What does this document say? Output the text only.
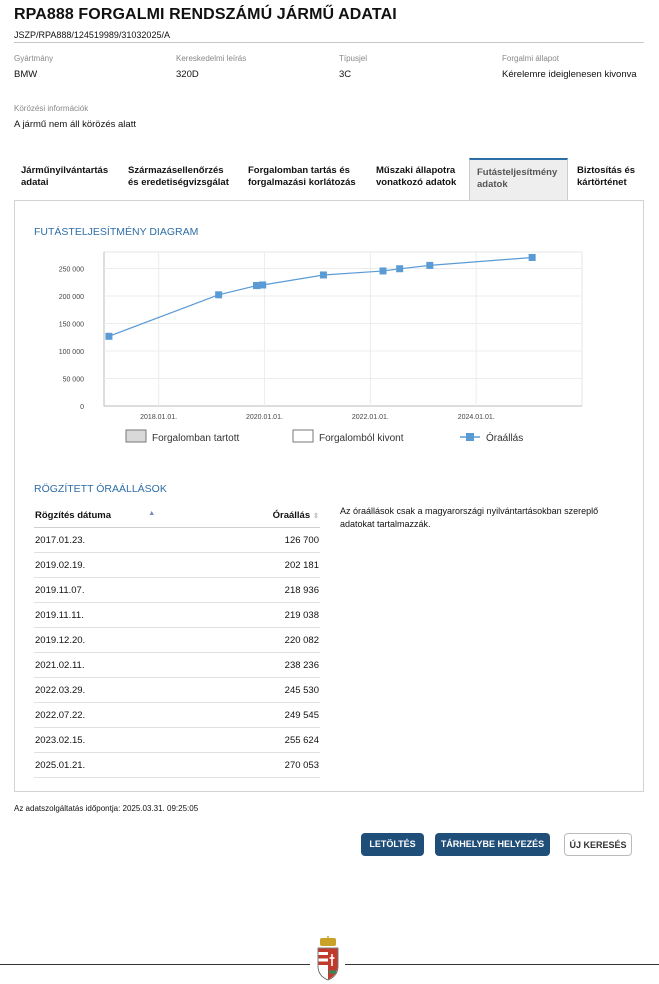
RPA888 FORGALMI RENDSZÁMÚ JÁRMŰ ADATAI
JSZP/RPA888/124519989/31032025/A
Gyártmány
BMW
Kereskedelmi leírás
320D
Típusjel
3C
Forgalmi állapot
Kérelemre ideiglenesen kivonva
Körözési információk
A jármű nem áll körözés alatt
Járműnyilvántartás
adatai
Származásellenőrzés
és eredetiségvizsgálat
Forgalomban tartás és
forgalmazási korlátozás
Műszaki állapotra
vonatkozó adatok
Futásteljesítmény
adatok
Biztosítás és
kártörténet
FUTÁSTELJESÍTMÉNY DIAGRAM
0
50 000
100 000
150 000
200 000
250 000
2018.01.01.	2020.01.01.	2022.01.01.	2024.01.01.
Forgalomban tartott	Forgalomból kivont	Óraállás
RÖGZÍTETT ÓRAÁLLÁSOK
Rögzítés dátuma ▲	Óraállás ⇕
2017.01.23.	126 700
2019.02.19.	202 181
2019.11.07.	218 936
2019.11.11.	219 038
2019.12.20.	220 082
2021.02.11.	238 236
2022.03.29.	245 530
2022.07.22.	249 545
2023.02.15.	255 624
2025.01.21.	270 053
Az óraállások csak a magyarországi nyilvántartásokban szereplő adatokat tartalmazzák.
Az adatszolgáltatás időpontja: 2025.03.31. 09:25:05
LETÖLTÉS	TÁRHELYBE HELYEZÉS	ÚJ KERESÉS
